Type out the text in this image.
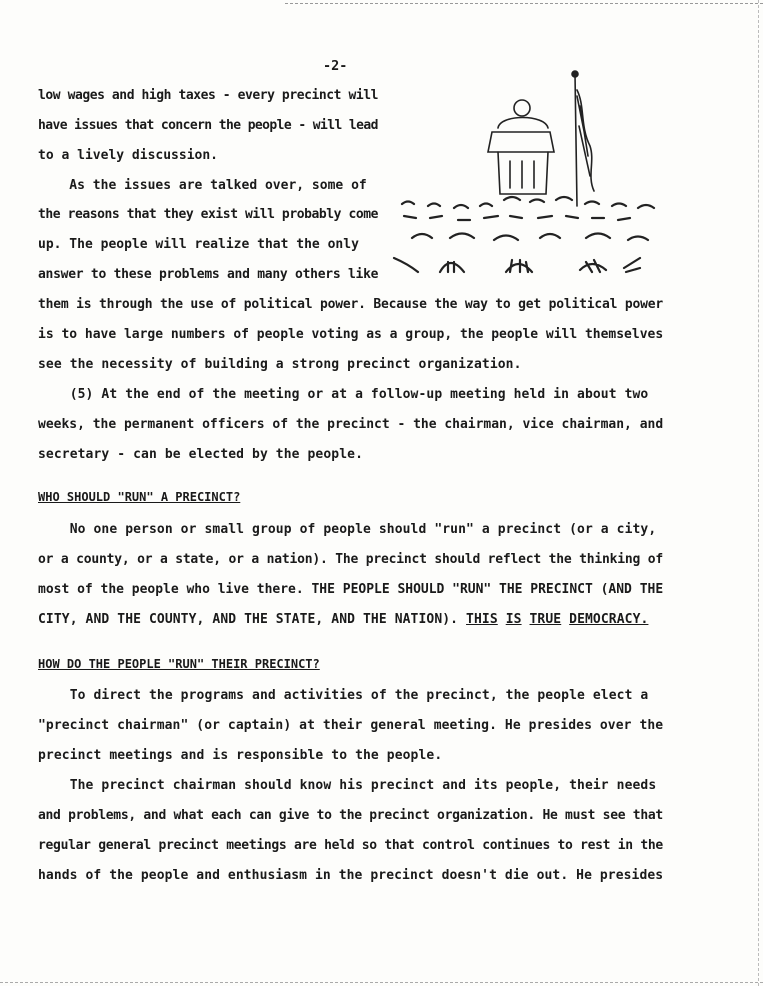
-2-
low wages and high taxes - every precinct will
have issues that concern the people - will lead
to a lively discussion.
As the issues are talked over, some of
the reasons that they exist will probably come
up. The people will realize that the only
answer to these problems and many others like
them is through the use of political power. Because the way to get political power
is to have large numbers of people voting as a group, the people will themselves
see the necessity of building a strong precinct organization.
(5) At the end of the meeting or at a follow-up meeting held in about two
weeks, the permanent officers of the precinct - the chairman, vice chairman, and
secretary - can be elected by the people.
WHO SHOULD "RUN" A PRECINCT?
No one person or small group of people should "run" a precinct (or a city,
or a county, or a state, or a nation). The precinct should reflect the thinking of
most of the people who live there. THE PEOPLE SHOULD "RUN" THE PRECINCT (AND THE
CITY, AND THE COUNTY, AND THE STATE, AND THE NATION). THIS IS TRUE DEMOCRACY.
HOW DO THE PEOPLE "RUN" THEIR PRECINCT?
To direct the programs and activities of the precinct, the people elect a
"precinct chairman" (or captain) at their general meeting. He presides over the
precinct meetings and is responsible to the people.
The precinct chairman should know his precinct and its people, their needs
and problems, and what each can give to the precinct organization. He must see that
regular general precinct meetings are held so that control continues to rest in the
hands of the people and enthusiasm in the precinct doesn't die out. He presides
